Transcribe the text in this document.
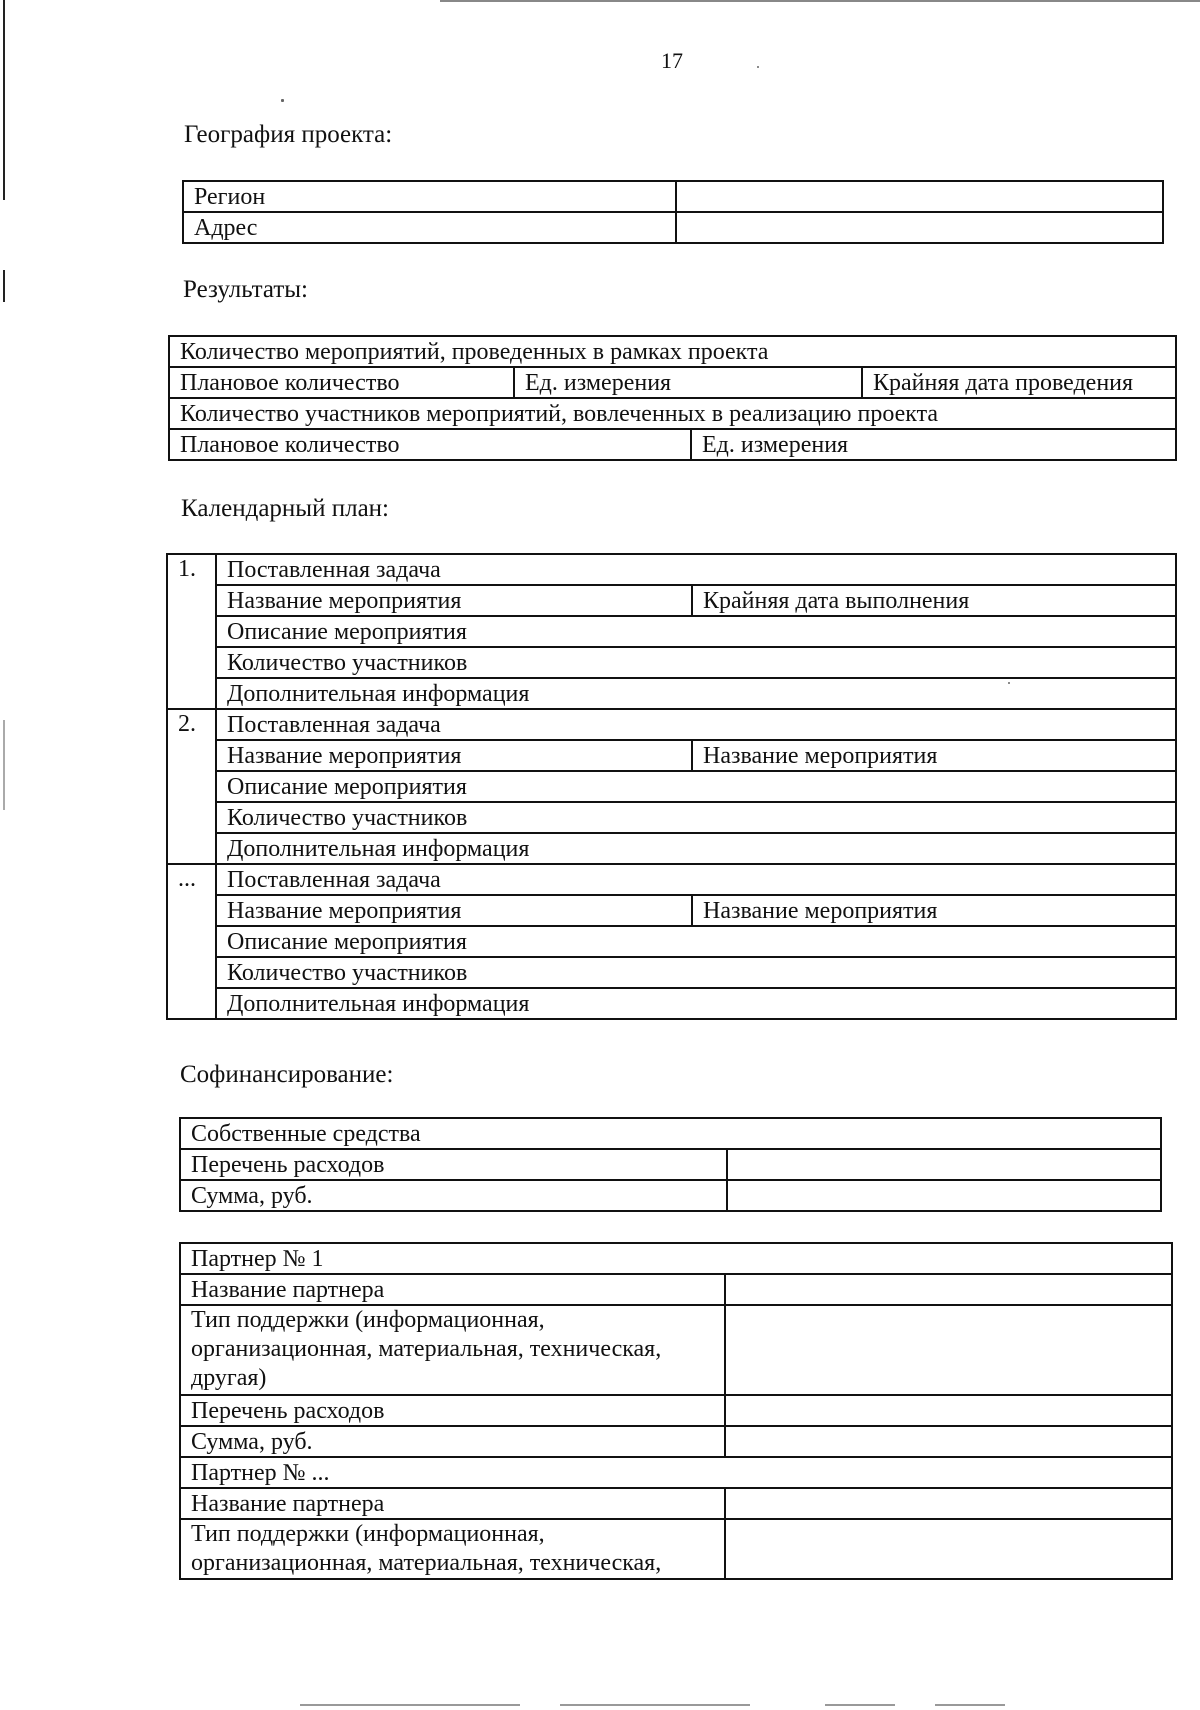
17
География проекта:
Регион	
Адрес	
Результаты:
Количество мероприятий, проведенных в рамках проекта			
Плановое количество	Ед. измерения		Крайняя дата проведения
Количество участников мероприятий, вовлеченных в реализацию проекта			
Плановое количество		Ед. измерения	
Календарный план:
1.	Поставленная задача	
	Название мероприятия	Крайняя дата выполнения
	Описание мероприятия	
	Количество участников	
	Дополнительная информация	
2.	Поставленная задача	
	Название мероприятия	Название мероприятия
	Описание мероприятия	
	Количество участников	
	Дополнительная информация	
...	Поставленная задача	
	Название мероприятия	Название мероприятия
	Описание мероприятия	
	Количество участников	
	Дополнительная информация	
Софинансирование:
Собственные средства	
Перечень расходов	
Сумма, руб.	
Партнер № 1	
Название партнера	
Тип поддержки (информационная, организационная, материальная, техническая, другая)	
Перечень расходов	
Сумма, руб.	
Партнер № ...	
Название партнера	
Тип поддержки (информационная, организационная, материальная, техническая,	
